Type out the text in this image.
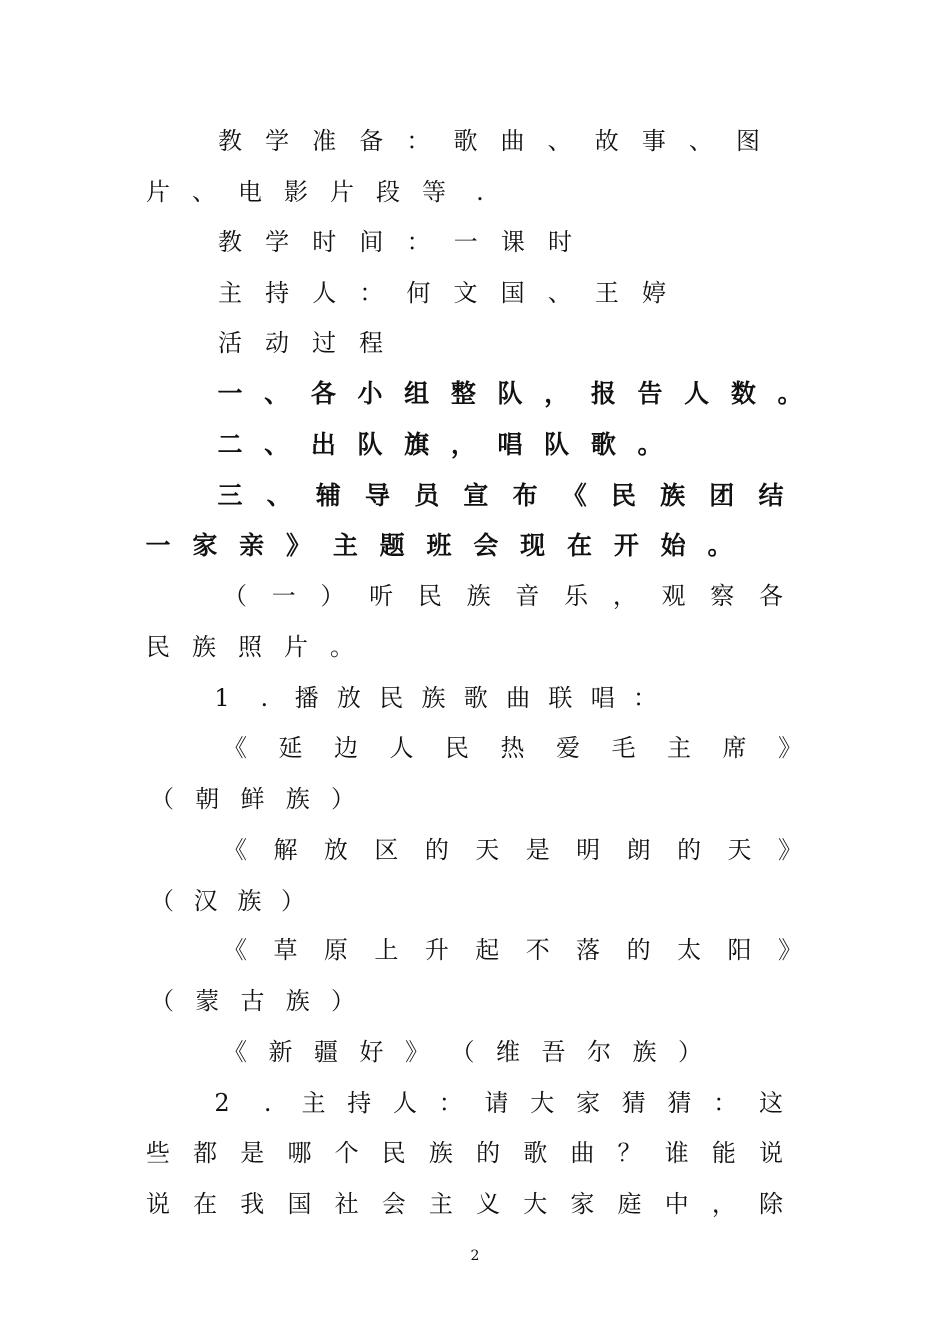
教 学 准 备 ： 歌 曲 、 故 事 、 图
片 、 电 影 片 段 等 .
教 学 时 间 ： 一 课 时
主 持 人 ： 何 文 国 、 王 婷
活 动 过 程
一 、 各 小 组 整 队 ， 报 告 人 数 。
二 、 出 队 旗 ， 唱 队 歌 。
三 、 辅 导 员 宣 布 《 民 族 团 结
一 家 亲 》 主 题 班 会 现 在 开 始 。
（ 一 ） 听 民 族 音 乐 ， 观 察 各
民 族 照 片 。
1 . 播 放 民 族 歌 曲 联 唱 ：
《 延 边 人 民 热 爱 毛 主 席 》
（ 朝 鲜 族 ）
《 解 放 区 的 天 是 明 朗 的 天 》
（ 汉 族 ）
《 草 原 上 升 起 不 落 的 太 阳 》
（ 蒙 古 族 ）
《 新 疆 好 》 （ 维 吾 尔 族 ）
2 . 主 持 人 ： 请 大 家 猜 猜 ： 这
些 都 是 哪 个 民 族 的 歌 曲 ？ 谁 能 说
说 在 我 国 社 会 主 义 大 家 庭 中 ， 除
2
